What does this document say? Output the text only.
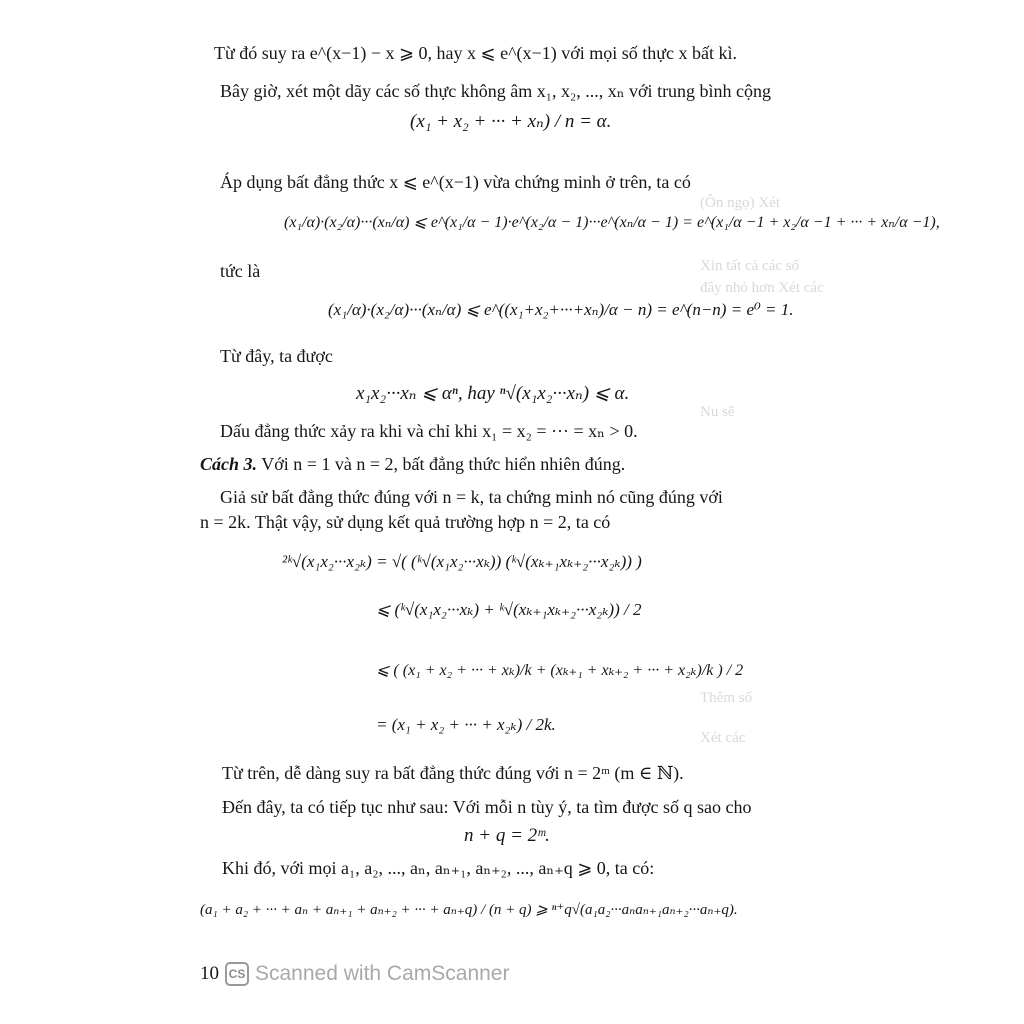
(Ôn ngọ) Xét
Xin tất cả các số
đây nhỏ hơn Xét các
Nu sẽ
Thêm số
Xét các
Từ đó suy ra e^(x−1) − x ⩾ 0, hay x ⩽ e^(x−1) với mọi số thực x bất kì.
Bây giờ, xét một dãy các số thực không âm x₁, x₂, ..., xₙ với trung bình cộng
(x₁ + x₂ + ··· + xₙ) / n = α.
Áp dụng bất đẳng thức x ⩽ e^(x−1) vừa chứng minh ở trên, ta có
(x₁/α)·(x₂/α)···(xₙ/α) ⩽ e^(x₁/α − 1)·e^(x₂/α − 1)···e^(xₙ/α − 1) = e^(x₁/α −1 + x₂/α −1 + ··· + xₙ/α −1),
tức là
(x₁/α)·(x₂/α)···(xₙ/α) ⩽ e^((x₁+x₂+···+xₙ)/α − n) = e^(n−n) = e⁰ = 1.
Từ đây, ta được
x₁x₂···xₙ ⩽ αⁿ, hay ⁿ√(x₁x₂···xₙ) ⩽ α.
Dấu đẳng thức xảy ra khi và chỉ khi x₁ = x₂ = ··· = xₙ > 0.
Cách 3. Với n = 1 và n = 2, bất đẳng thức hiển nhiên đúng.
Giả sử bất đẳng thức đúng với n = k, ta chứng minh nó cũng đúng với
n = 2k. Thật vậy, sử dụng kết quả trường hợp n = 2, ta có
²ᵏ√(x₁x₂···x₂ₖ) = √( (ᵏ√(x₁x₂···xₖ)) (ᵏ√(xₖ₊₁xₖ₊₂···x₂ₖ)) )
⩽ (ᵏ√(x₁x₂···xₖ) + ᵏ√(xₖ₊₁xₖ₊₂···x₂ₖ)) / 2
⩽ ( (x₁ + x₂ + ··· + xₖ)/k + (xₖ₊₁ + xₖ₊₂ + ··· + x₂ₖ)/k ) / 2
= (x₁ + x₂ + ··· + x₂ₖ) / 2k.
Từ trên, dễ dàng suy ra bất đẳng thức đúng với n = 2ᵐ (m ∈ ℕ).
Đến đây, ta có tiếp tục như sau: Với mỗi n tùy ý, ta tìm được số q sao cho
n + q = 2ᵐ.
Khi đó, với mọi a₁, a₂, ..., aₙ, aₙ₊₁, aₙ₊₂, ..., aₙ₊q ⩾ 0, ta có:
(a₁ + a₂ + ··· + aₙ + aₙ₊₁ + aₙ₊₂ + ··· + aₙ₊q) / (n + q) ⩾ ⁿ⁺q√(a₁a₂···aₙaₙ₊₁aₙ₊₂···aₙ₊q).
10 CS Scanned with CamScanner
